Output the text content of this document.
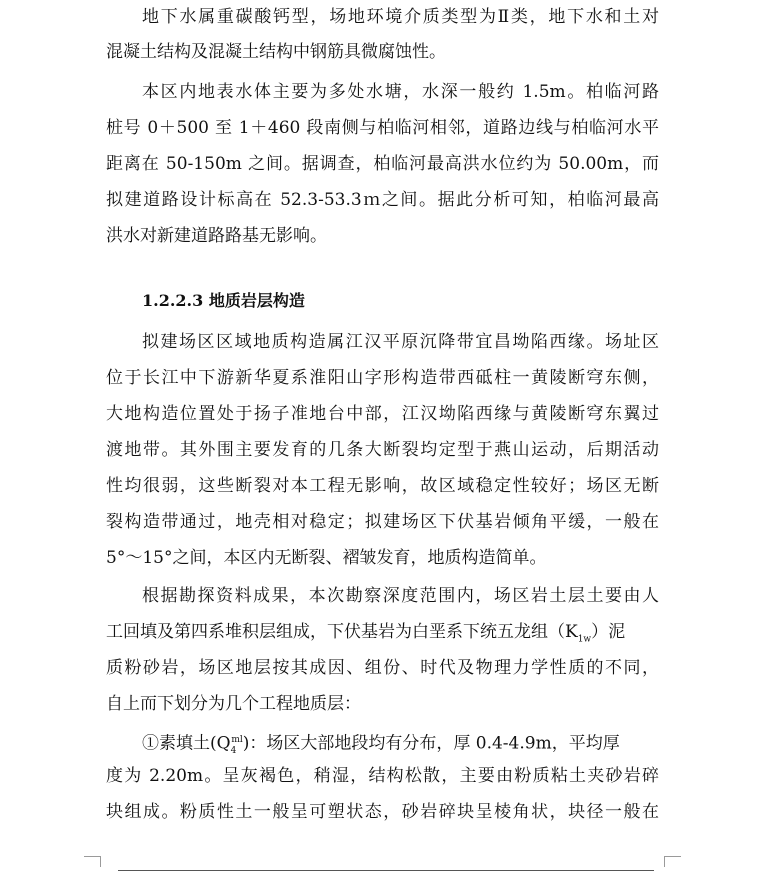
地下水属重碳酸钙型，场地环境介质类型为Ⅱ类，地下水和土对
混凝土结构及混凝土结构中钢筋具微腐蚀性。
本区内地表水体主要为多处水塘，水深一般约 1.5m。柏临河路
桩号 0＋500 至 1＋460 段南侧与柏临河相邻，道路边线与柏临河水平
距离在 50-150m 之间。据调查，柏临河最高洪水位约为 50.00m，而
拟建道路设计标高在 52.3-53.3ｍ之间。据此分析可知，柏临河最高
洪水对新建道路路基无影响。
1.2.2.3 地质岩层构造
拟建场区区域地质构造属江汉平原沉降带宜昌坳陷西缘。场址区
位于长江中下游新华夏系淮阳山字形构造带西砥柱一黄陵断穹东侧，
大地构造位置处于扬子准地台中部，江汉坳陷西缘与黄陵断穹东翼过
渡地带。其外围主要发育的几条大断裂均定型于燕山运动，后期活动
性均很弱，这些断裂对本工程无影响，故区域稳定性较好；场区无断
裂构造带通过，地壳相对稳定；拟建场区下伏基岩倾角平缓，一般在
5°～15°之间，本区内无断裂、褶皱发育，地质构造简单。
根据勘探资料成果，本次勘察深度范围内，场区岩土层土要由人
工回填及第四系堆积层组成，下伏基岩为白垩系下统五龙组$(K_{1w})$泥
质粉砂岩，场区地层按其成因、组份、时代及物理力学性质的不同，
自上而下划分为几个工程地质层：
①素填土$(Q_4^{ml})$：场区大部地段均有分布，厚 0.4-4.9m，平均厚
度为 2.20m。呈灰褐色，稍湿，结构松散，主要由粉质粘土夹砂岩碎
块组成。粉质性土一般呈可塑状态，砂岩碎块呈棱角状，块径一般在
